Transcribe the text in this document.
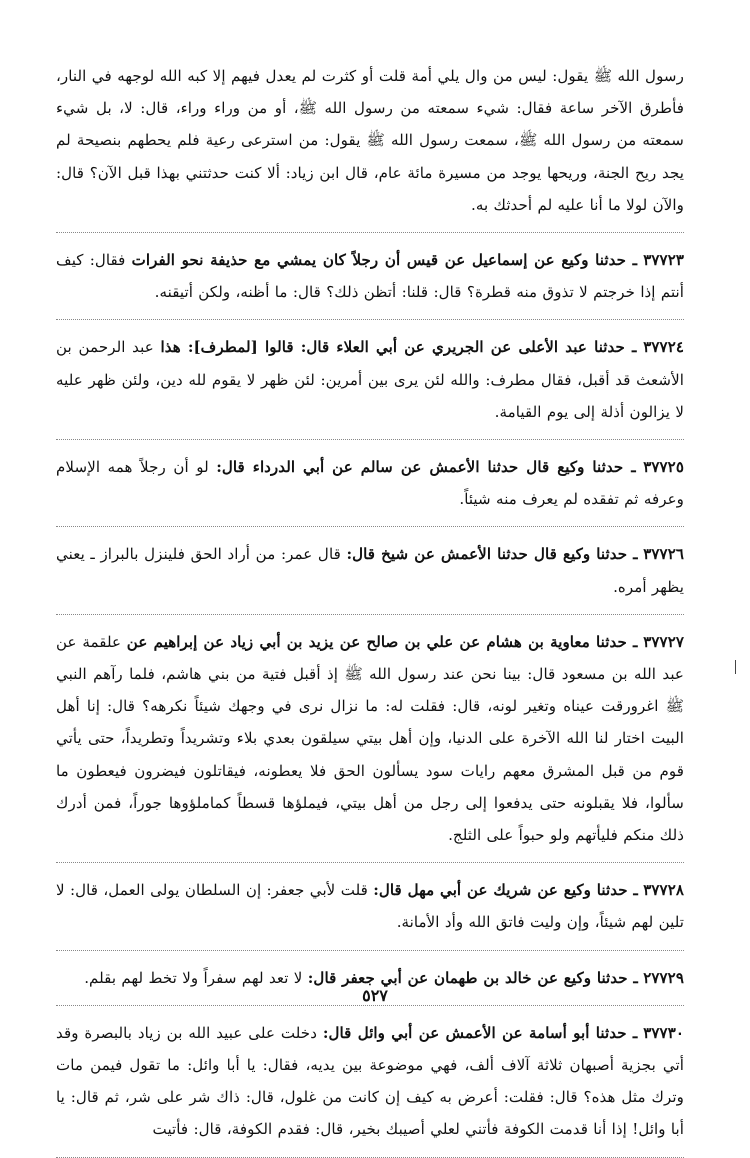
رسول الله ﷺ يقول: ليس من وال يلي أمة قلت أو كثرت لم يعدل فيهم إلا كبه الله لوجهه في النار، فأطرق الآخر ساعة فقال: شيء سمعته من رسول الله ﷺ، أو من وراء وراء، قال: لا، بل شيء سمعته من رسول الله ﷺ، سمعت رسول الله ﷺ يقول: من استرعى رعية فلم يحطهم بنصيحة لم يجد ريح الجنة، وريحها يوجد من مسيرة مائة عام، قال ابن زياد: ألا كنت حدثتني بهذا قبل الآن؟ قال: والآن لولا ما أنا عليه لم أحدثك به.

٣٧٧٢٣ ـ حدثنا وكيع عن إسماعيل عن قيس أن رجلاً كان يمشي مع حذيفة نحو الفرات فقال: كيف أنتم إذا خرجتم لا تذوق منه قطرة؟ قال: قلنا: أتظن ذلك؟ قال: ما أظنه، ولكن أتيقنه.

٣٧٧٢٤ ـ حدثنا عبد الأعلى عن الجريري عن أبي العلاء قال: قالوا [لمطرف]: هذا عبد الرحمن بن الأشعث قد أقبل، فقال مطرف: والله لئن يرى بين أمرين: لئن ظهر لا يقوم لله دين، ولئن ظهر عليه لا يزالون أذلة إلى يوم القيامة.

٣٧٧٢٥ ـ حدثنا وكيع قال حدثنا الأعمش عن سالم عن أبي الدرداء قال: لو أن رجلاً همه الإسلام وعرفه ثم تفقده لم يعرف منه شيئاً.

٣٧٧٢٦ ـ حدثنا وكيع قال حدثنا الأعمش عن شيخ قال: قال عمر: من أراد الحق فلينزل بالبراز ـ يعني يظهر أمره.

٣٧٧٢٧ ـ حدثنا معاوية بن هشام عن علي بن صالح عن يزيد بن أبي زياد عن إبراهيم عن علقمة عن عبد الله بن مسعود قال: بينا نحن عند رسول الله ﷺ إذ أقبل فتية من بني هاشم، فلما رآهم النبي ﷺ اغرورقت عيناه وتغير لونه، قال: فقلت له: ما نزال نرى في وجهك شيئاً نكرهه؟ قال: إنا أهل البيت اختار لنا الله الآخرة على الدنيا، وإن أهل بيتي سيلقون بعدي بلاء وتشريداً وتطريداً، حتى يأتي قوم من قبل المشرق معهم رايات سود يسألون الحق فلا يعطونه، فيقاتلون فيضرون فيعطون ما سألوا، فلا يقبلونه حتى يدفعوا إلى رجل من أهل بيتي، فيملؤها قسطاً كماملؤوها جوراً، فمن أدرك ذلك منكم فليأتهم ولو حبواً على الثلج.

٣٧٧٢٨ ـ حدثنا وكيع عن شريك عن أبي مهل قال: قلت لأبي جعفر: إن السلطان يولى العمل، قال: لا تلين لهم شيئاً، وإن وليت فاتق الله وأد الأمانة.

٢٧٧٢٩ ـ حدثنا وكيع عن خالد بن طهمان عن أبي جعفر قال: لا تعد لهم سفراً ولا تخط لهم بقلم.

٣٧٧٣٠ ـ حدثنا أبو أسامة عن الأعمش عن أبي وائل قال: دخلت على عبيد الله بن زياد بالبصرة وقد أتي بجزية أصبهان ثلاثة آلاف ألف، فهي موضوعة بين يديه، فقال: يا أبا وائل: ما تقول فيمن مات وترك مثل هذه؟ قال: فقلت: أعرض به كيف إن كانت من غلول، قال: ذاك شر على شر، ثم قال: يا أبا وائل! إذا أنا قدمت الكوفة فأتني لعلي أصيبك بخير، قال: فقدم الكوفة، قال: فأتيت

٥٢٧
